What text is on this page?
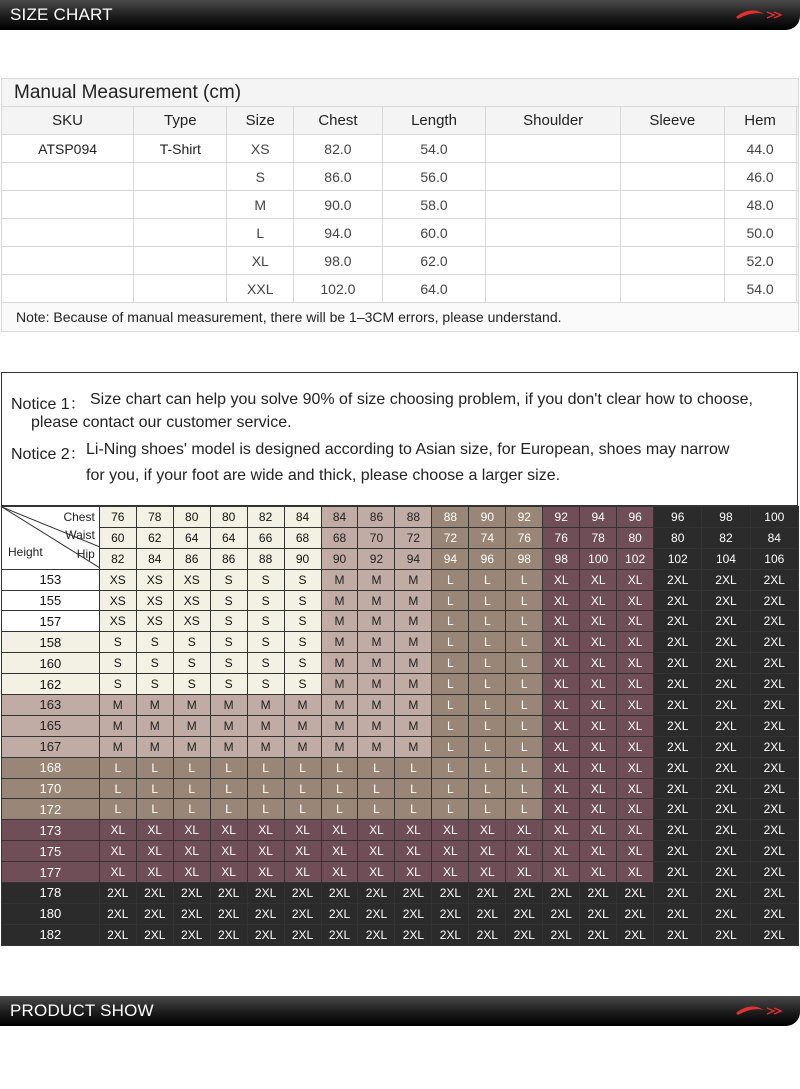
SIZE CHART
Manual Measurement (cm)								
SKU	Type	Size	Chest	Length	Shoulder	Sleeve	Hem	
ATSP094	T-Shirt	XS	82.0	54.0			44.0	
		S	86.0	56.0			46.0	
		M	90.0	58.0			48.0	
		L	94.0	60.0			50.0	
		XL	98.0	62.0			52.0	
		XXL	102.0	64.0			54.0	
Note: Because of manual measurement, there will be 1–3CM errors, please understand.								
Notice 1： Size chart can help you solve 90% of size choosing problem, if you don't clear how to choose,
please contact our customer service.
Notice 2： Li-Ning shoes' model is designed according to Asian size, for European, shoes may narrow
for you, if your foot are wide and thick, please choose a larger size.
Chest
Waist
Height Hip	76	78	80	80	82	84	84	86	88	88	90	92	92	94	96	96	98	100
	60	62	64	64	66	68	68	70	72	72	74	76	76	78	80	80	82	84
	82	84	86	86	88	90	90	92	94	94	96	98	98	100	102	102	104	106
153	XS	XS	XS	S	S	S	M	M	M	L	L	L	XL	XL	XL	2XL	2XL	2XL
155	XS	XS	XS	S	S	S	M	M	M	L	L	L	XL	XL	XL	2XL	2XL	2XL
157	XS	XS	XS	S	S	S	M	M	M	L	L	L	XL	XL	XL	2XL	2XL	2XL
158	S	S	S	S	S	S	M	M	M	L	L	L	XL	XL	XL	2XL	2XL	2XL
160	S	S	S	S	S	S	M	M	M	L	L	L	XL	XL	XL	2XL	2XL	2XL
162	S	S	S	S	S	S	M	M	M	L	L	L	XL	XL	XL	2XL	2XL	2XL
163	M	M	M	M	M	M	M	M	M	L	L	L	XL	XL	XL	2XL	2XL	2XL
165	M	M	M	M	M	M	M	M	M	L	L	L	XL	XL	XL	2XL	2XL	2XL
167	M	M	M	M	M	M	M	M	M	L	L	L	XL	XL	XL	2XL	2XL	2XL
168	L	L	L	L	L	L	L	L	L	L	L	L	XL	XL	XL	2XL	2XL	2XL
170	L	L	L	L	L	L	L	L	L	L	L	L	XL	XL	XL	2XL	2XL	2XL
172	L	L	L	L	L	L	L	L	L	L	L	L	XL	XL	XL	2XL	2XL	2XL
173	XL	XL	XL	XL	XL	XL	XL	XL	XL	XL	XL	XL	XL	XL	XL	2XL	2XL	2XL
175	XL	XL	XL	XL	XL	XL	XL	XL	XL	XL	XL	XL	XL	XL	XL	2XL	2XL	2XL
177	XL	XL	XL	XL	XL	XL	XL	XL	XL	XL	XL	XL	XL	XL	XL	2XL	2XL	2XL
178	2XL	2XL	2XL	2XL	2XL	2XL	2XL	2XL	2XL	2XL	2XL	2XL	2XL	2XL	2XL	2XL	2XL	2XL
180	2XL	2XL	2XL	2XL	2XL	2XL	2XL	2XL	2XL	2XL	2XL	2XL	2XL	2XL	2XL	2XL	2XL	2XL
182	2XL	2XL	2XL	2XL	2XL	2XL	2XL	2XL	2XL	2XL	2XL	2XL	2XL	2XL	2XL	2XL	2XL	2XL
PRODUCT SHOW
